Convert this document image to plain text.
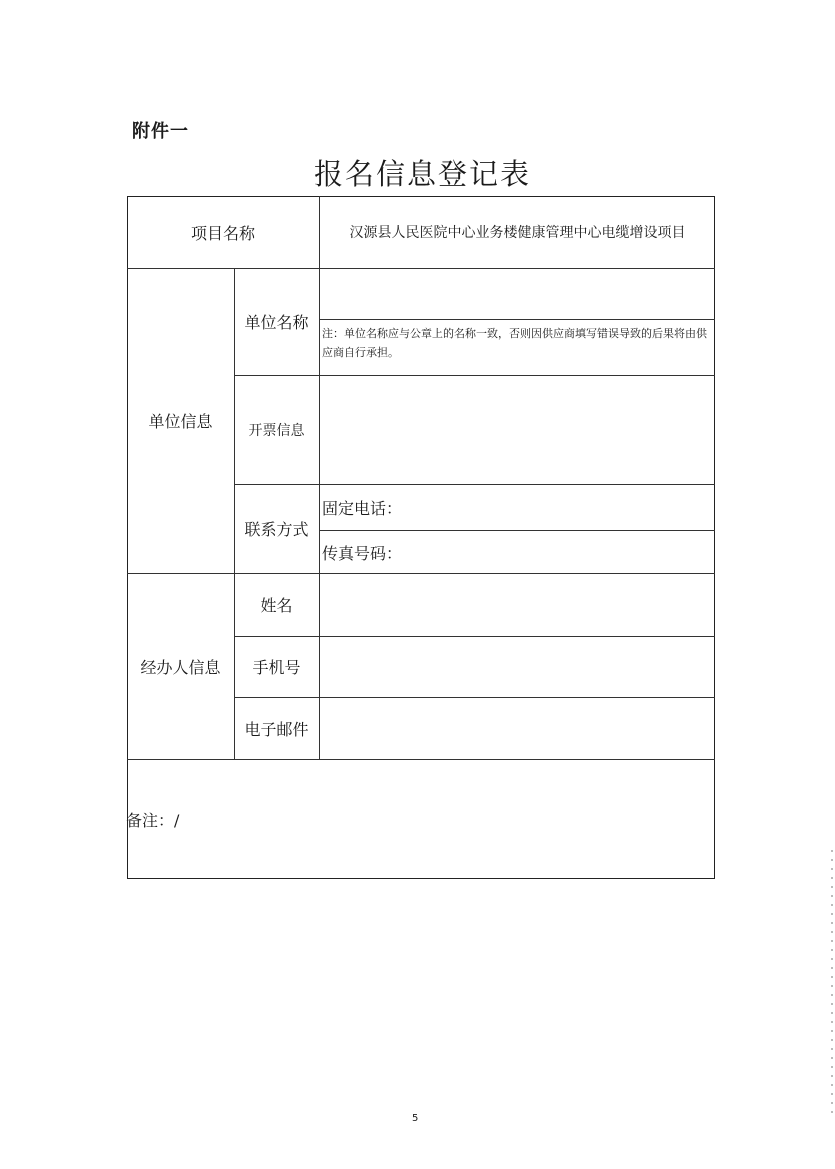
附件一
报名信息登记表
项目名称	汉源县人民医院中心业务楼健康管理中心电缆增设项目
单位信息
单位名称
注：单位名称应与公章上的名称一致，否则因供应商填写错误导致的后果将由供应商自行承担。
开票信息
联系方式
固定电话：
传真号码：
经办人信息
姓名
手机号
电子邮件
备注：/
5
